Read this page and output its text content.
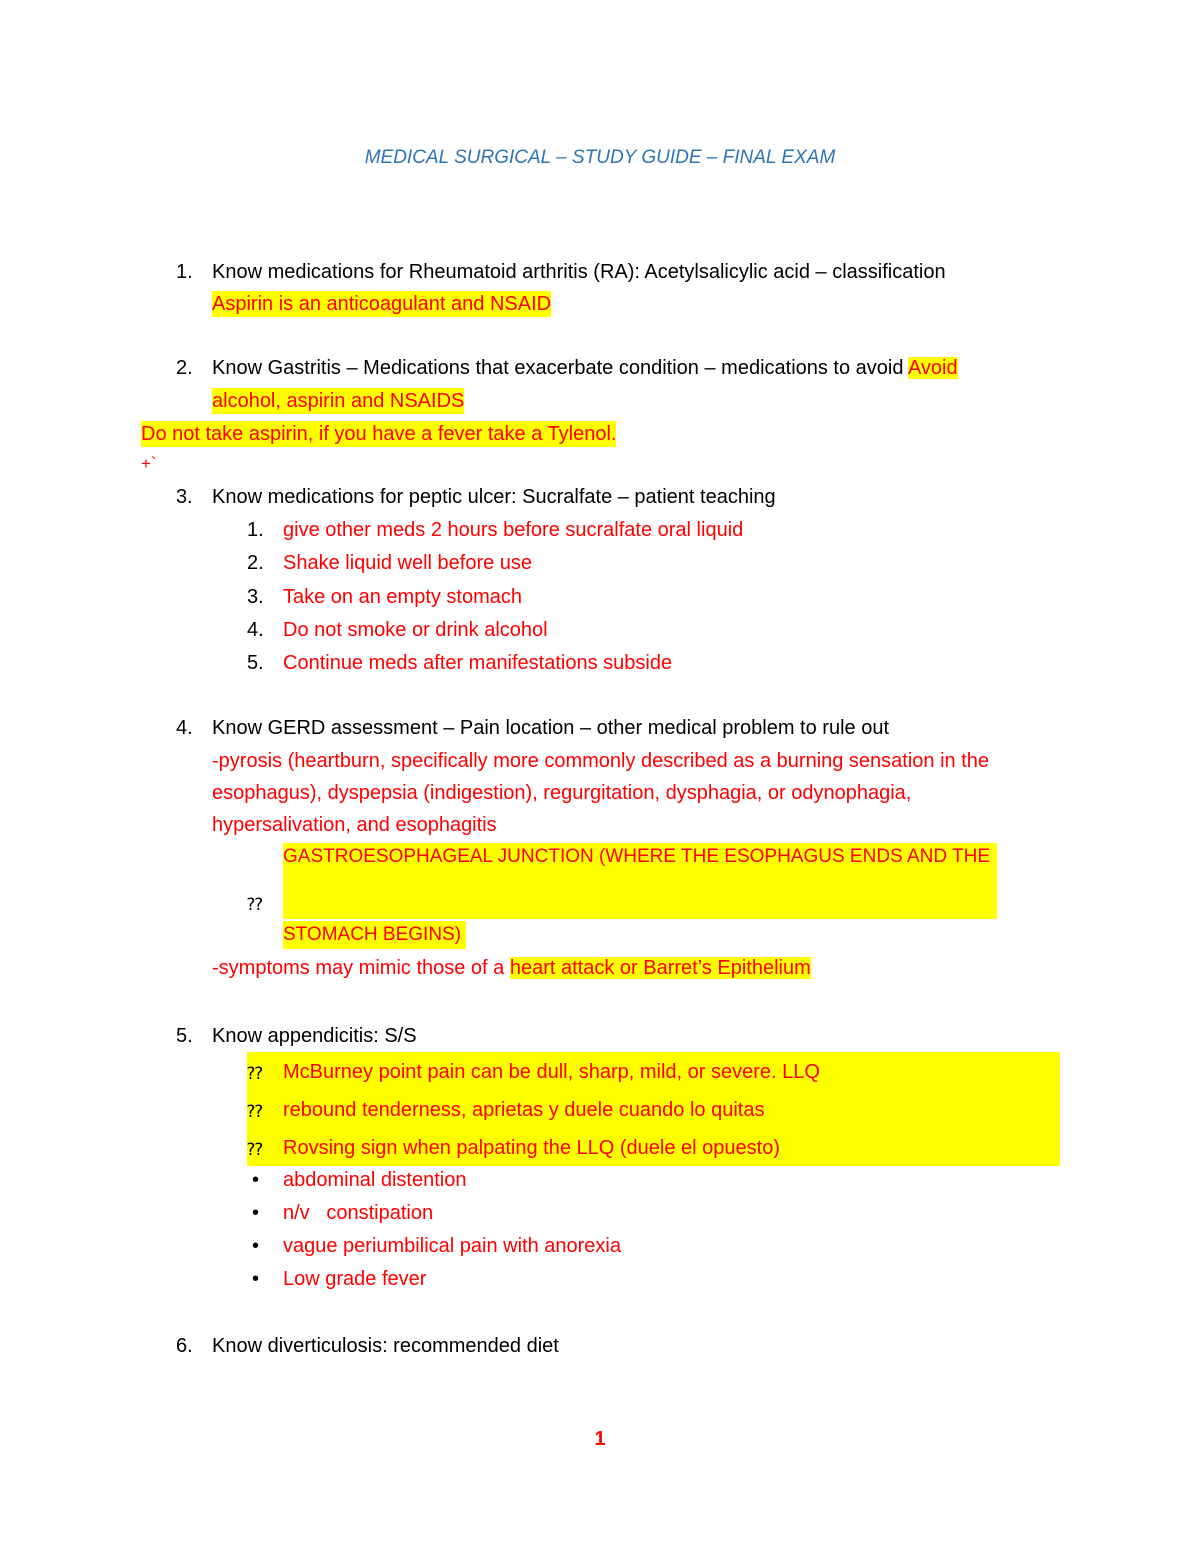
MEDICAL SURGICAL – STUDY GUIDE – FINAL EXAM
1. Know medications for Rheumatoid arthritis (RA): Acetylsalicylic acid – classification
Aspirin is an anticoagulant and NSAID
2. Know Gastritis – Medications that exacerbate condition – medications to avoid Avoid
alcohol, aspirin and NSAIDS
Do not take aspirin, if you have a fever take a Tylenol.
+`
3. Know medications for peptic ulcer: Sucralfate – patient teaching
1. give other meds 2 hours before sucralfate oral liquid
2. Shake liquid well before use
3. Take on an empty stomach
4. Do not smoke or drink alcohol
5. Continue meds after manifestations subside
4. Know GERD assessment – Pain location – other medical problem to rule out
-pyrosis (heartburn, specifically more commonly described as a burning sensation in the
esophagus), dyspepsia (indigestion), regurgitation, dysphagia, or odynophagia,
hypersalivation, and esophagitis
GASTROESOPHAGEAL JUNCTION (WHERE THE ESOPHAGUS ENDS AND THE
⁇
STOMACH BEGINS)
-symptoms may mimic those of a heart attack or Barret’s Epithelium
5. Know appendicitis: S/S
⁇ McBurney point pain can be dull, sharp, mild, or severe. LLQ
⁇ rebound tenderness, aprietas y duele cuando lo quitas
⁇ Rovsing sign when palpating the LLQ (duele el opuesto)
• abdominal distention
• n/v   constipation
• vague periumbilical pain with anorexia
• Low grade fever
6. Know diverticulosis: recommended diet
1
